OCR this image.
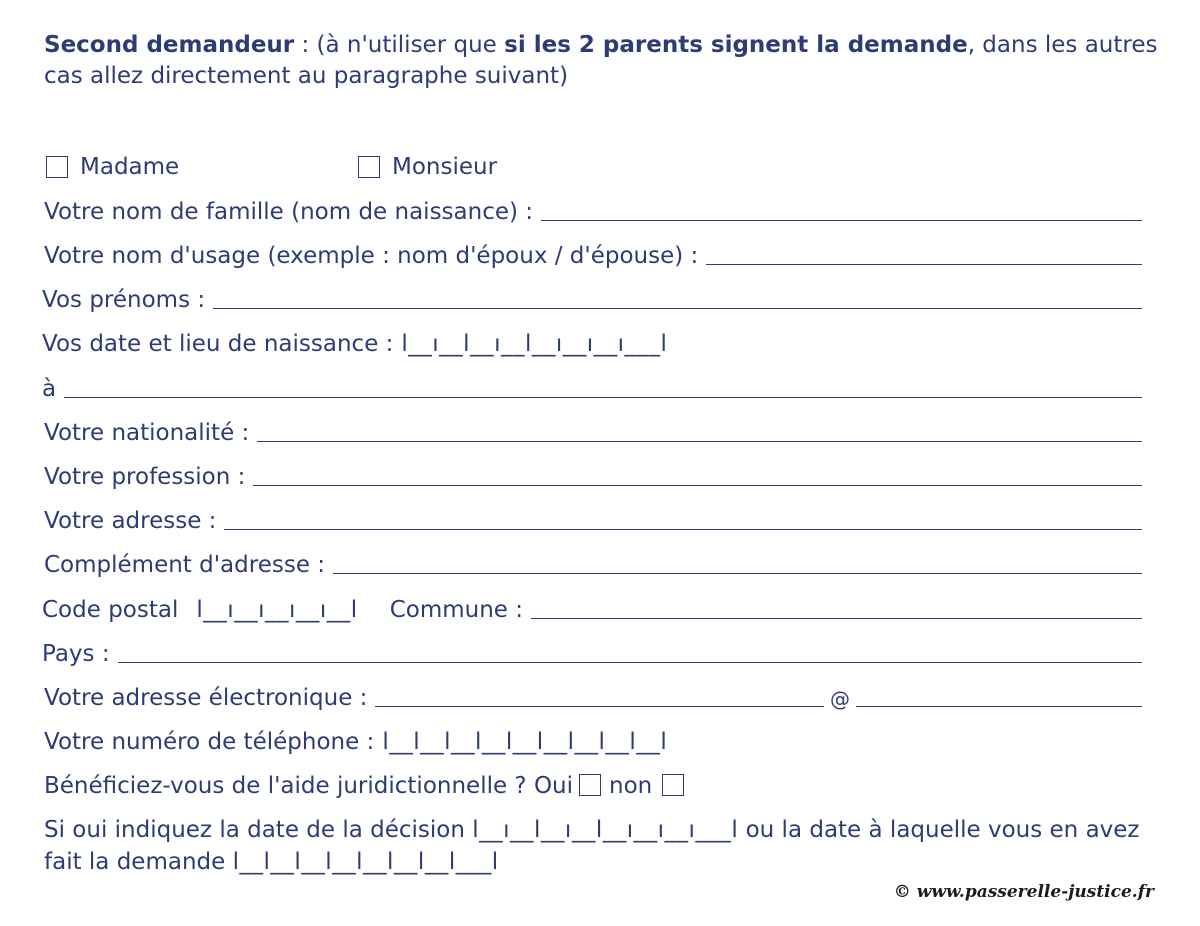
Second demandeur : (à n'utiliser que si les 2 parents signent la demande, dans les autres cas allez directement au paragraphe suivant)
Madame	Monsieur
Votre nom de famille (nom de naissance) :
Votre nom d'usage (exemple : nom d'époux / d'épouse) :
Vos prénoms :
Vos date et lieu de naissance : l__ı__l__ı__l__ı__ı__ı___l
à
Votre nationalité :
Votre profession :
Votre adresse :
Complément d'adresse :
Code postal l__ı__ı__ı__ı__l Commune :
Pays :
Votre adresse électronique :	@
Votre numéro de téléphone : l__l__l__l__l__l__l__l__l__l
Bénéficiez-vous de l'aide juridictionnelle ? Oui non
Si oui indiquez la date de la décision l__ı__l__ı__l__ı__ı__ı___l ou la date à laquelle vous en avez fait la demande l__l__l__l__l__l__l__l___l
© www.passerelle-justice.fr
